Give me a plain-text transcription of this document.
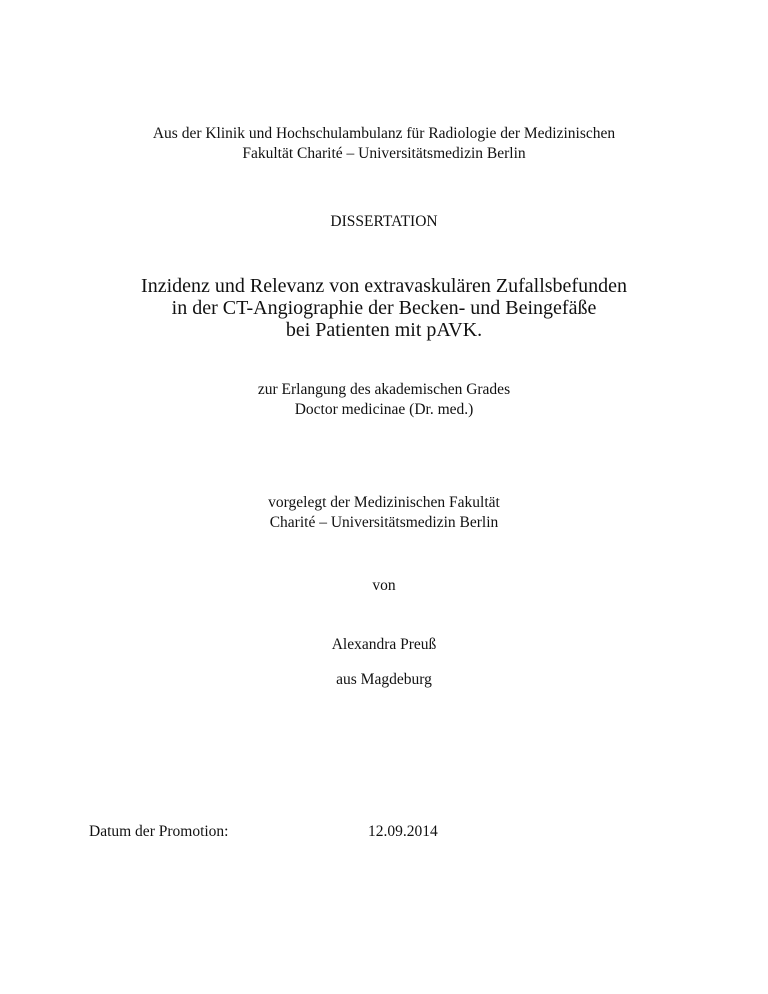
Aus der Klinik und Hochschulambulanz für Radiologie der Medizinischen
Fakultät Charité – Universitätsmedizin Berlin
DISSERTATION
Inzidenz und Relevanz von extravaskulären Zufallsbefunden
in der CT-Angiographie der Becken- und Beingefäße
bei Patienten mit pAVK.
zur Erlangung des akademischen Grades
Doctor medicinae (Dr. med.)
vorgelegt der Medizinischen Fakultät
Charité – Universitätsmedizin Berlin
von
Alexandra Preuß
aus Magdeburg
Datum der Promotion:	12.09.2014
